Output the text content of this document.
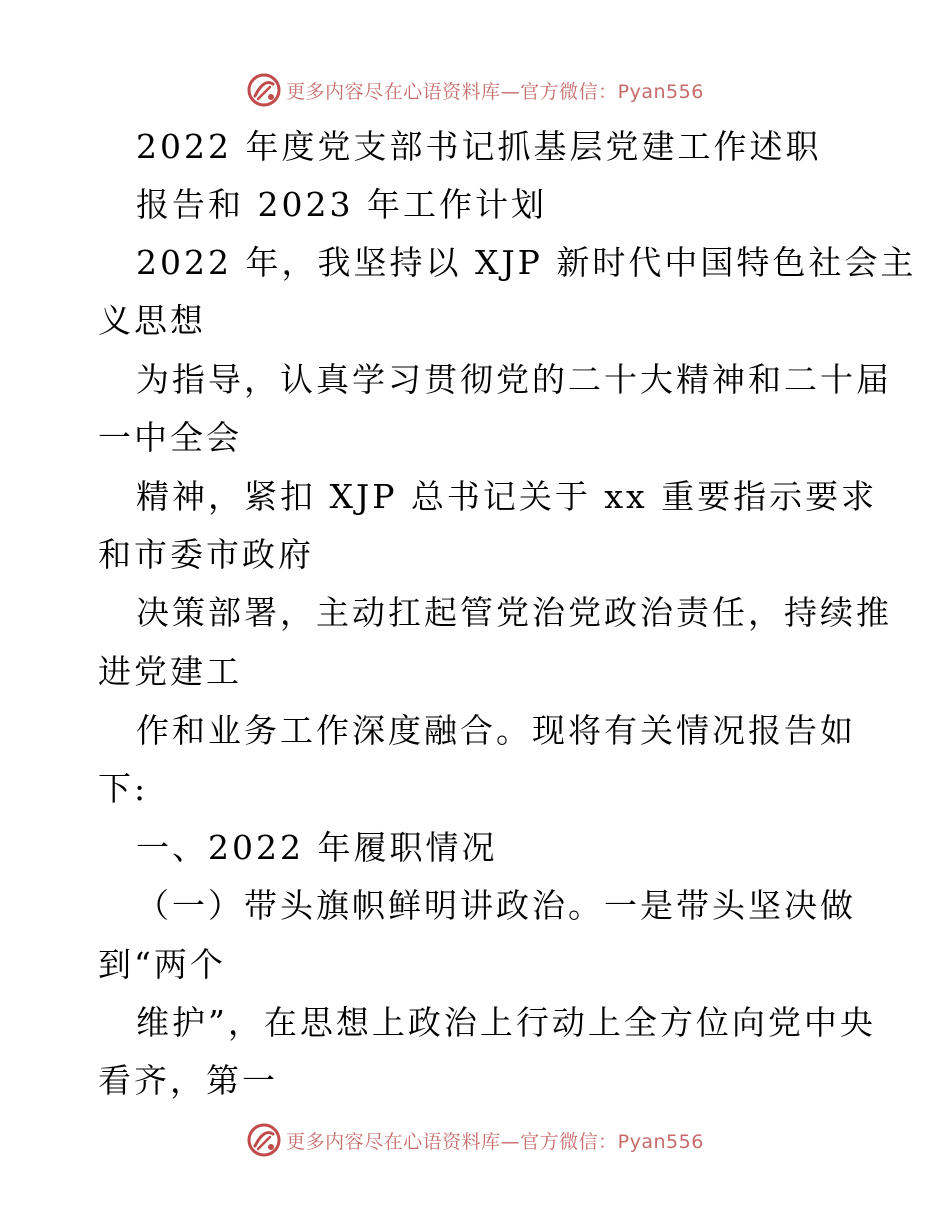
更多内容尽在心语资料库—官方微信：Pyan556
2022 年度党支部书记抓基层党建工作述职
报告和 2023 年工作计划
2022 年，我坚持以 XJP 新时代中国特色社会主
义思想
为指导，认真学习贯彻党的二十大精神和二十届
一中全会
精神，紧扣 XJP 总书记关于 xx 重要指示要求
和市委市政府
决策部署，主动扛起管党治党政治责任，持续推
进党建工
作和业务工作深度融合。现将有关情况报告如
下:
一、2022 年履职情况
（一）带头旗帜鲜明讲政治。一是带头坚决做
到“两个
维护”，在思想上政治上行动上全方位向党中央
看齐，第一
更多内容尽在心语资料库—官方微信：Pyan556
